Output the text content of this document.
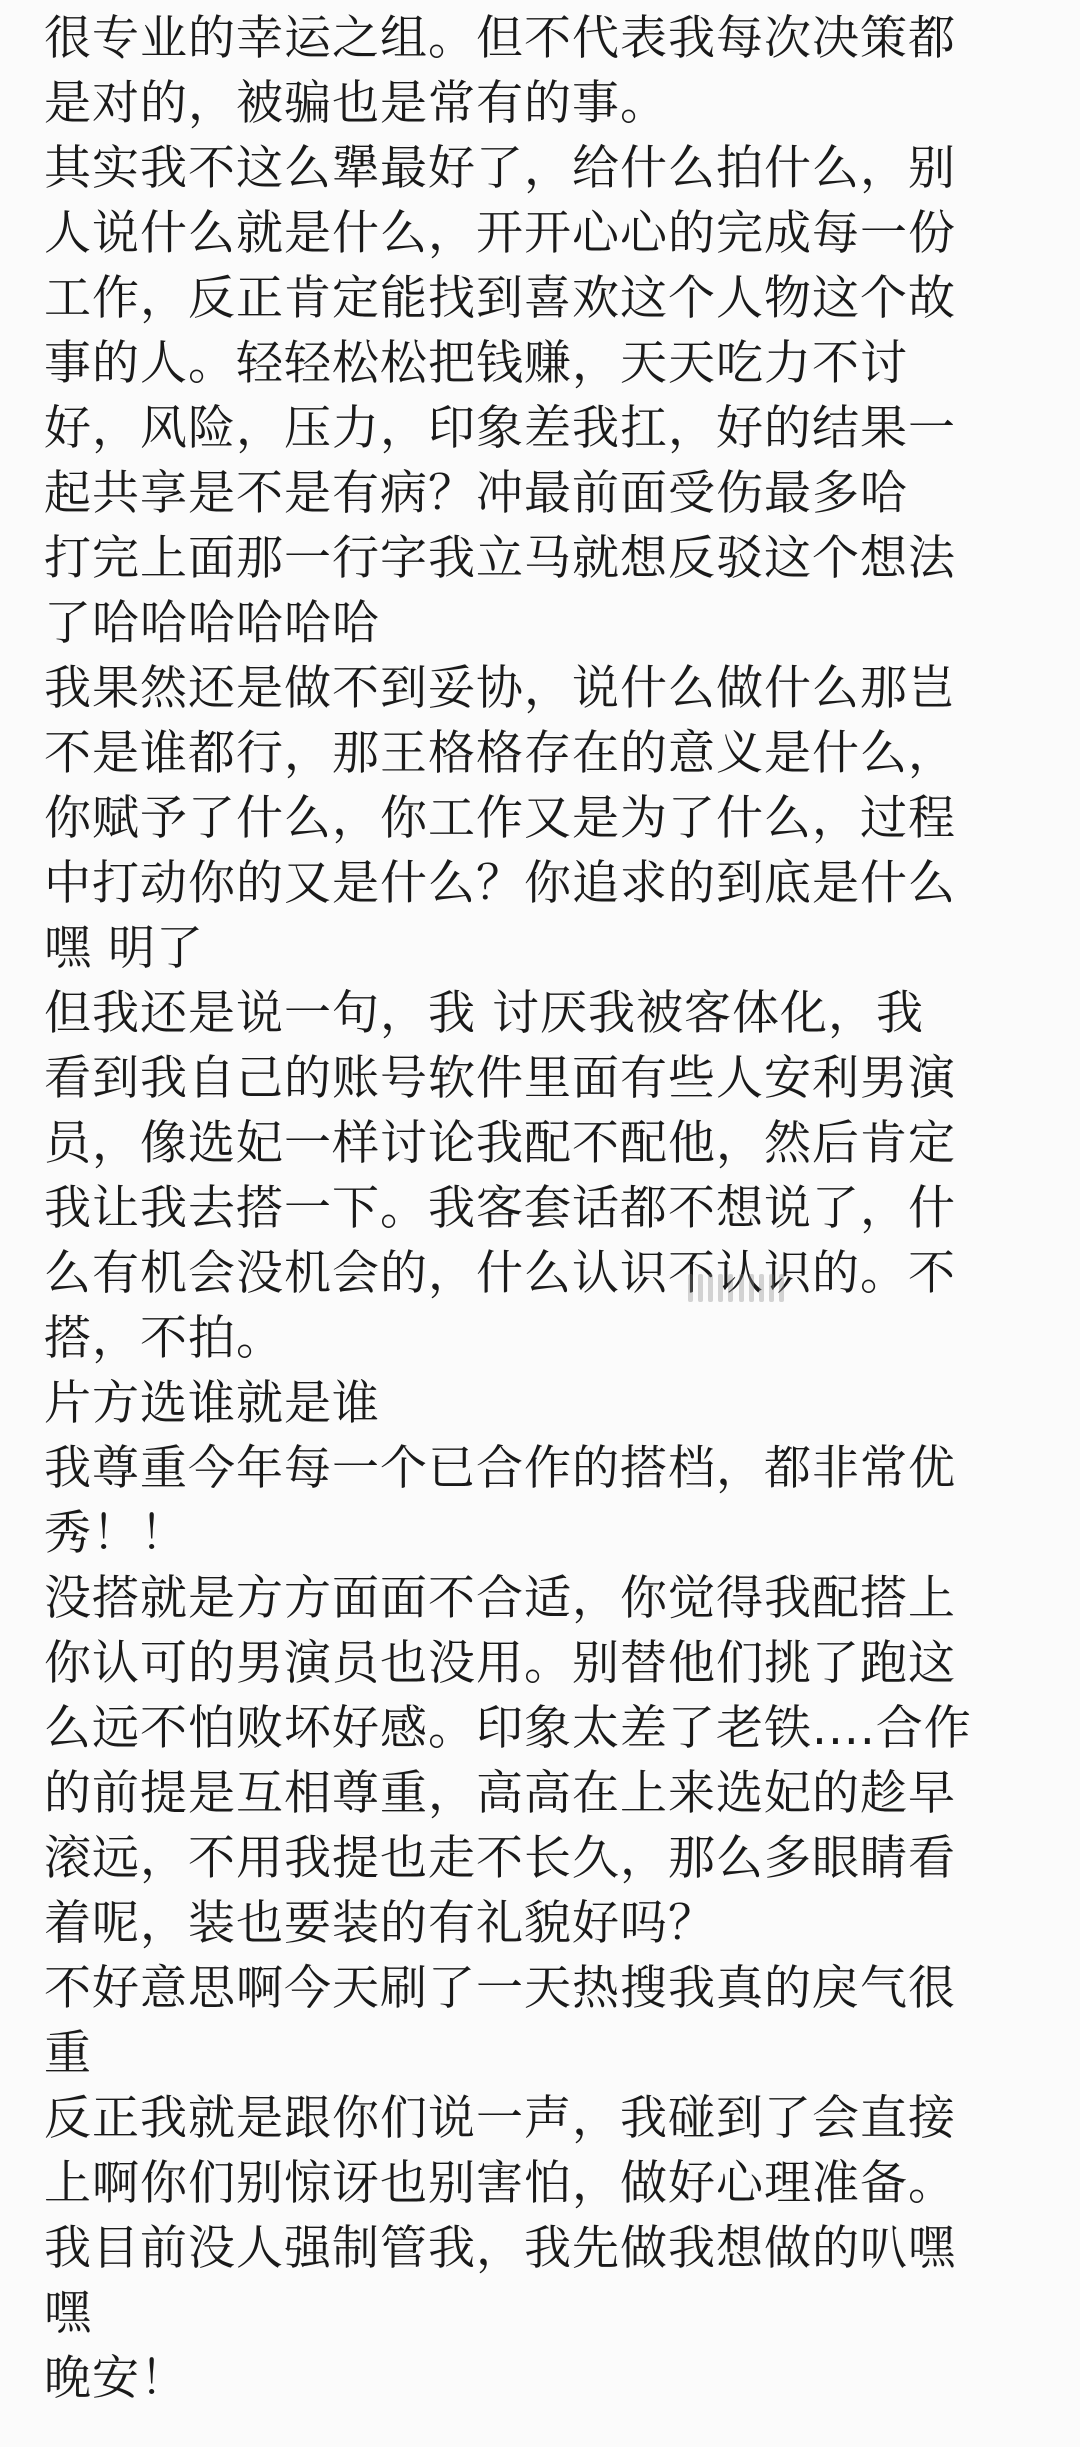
很专业的幸运之组。但不代表我每次决策都
是对的，被骗也是常有的事。
其实我不这么犟最好了，给什么拍什么，别
人说什么就是什么，开开心心的完成每一份
工作，反正肯定能找到喜欢这个人物这个故
事的人。轻轻松松把钱赚，天天吃力不讨
好，风险，压力，印象差我扛，好的结果一
起共享是不是有病？冲最前面受伤最多哈
打完上面那一行字我立马就想反驳这个想法
了哈哈哈哈哈哈
我果然还是做不到妥协，说什么做什么那岂
不是谁都行，那王格格存在的意义是什么，
你赋予了什么，你工作又是为了什么，过程
中打动你的又是什么？你追求的到底是什么
嘿 明了
但我还是说一句，我 讨厌我被客体化，我
看到我自己的账号软件里面有些人安利男演
员，像选妃一样讨论我配不配他，然后肯定
我让我去搭一下。我客套话都不想说了，什
么有机会没机会的，什么认识不认识的。不
搭，不拍。
片方选谁就是谁
我尊重今年每一个已合作的搭档，都非常优
秀！！
没搭就是方方面面不合适，你觉得我配搭上
你认可的男演员也没用。别替他们挑了跑这
么远不怕败坏好感。印象太差了老铁....合作
的前提是互相尊重，高高在上来选妃的趁早
滚远，不用我提也走不长久，那么多眼睛看
着呢，装也要装的有礼貌好吗？
不好意思啊今天刷了一天热搜我真的戾气很
重
反正我就是跟你们说一声，我碰到了会直接
上啊你们别惊讶也别害怕，做好心理准备。
我目前没人强制管我，我先做我想做的叭嘿
嘿
晚安！
